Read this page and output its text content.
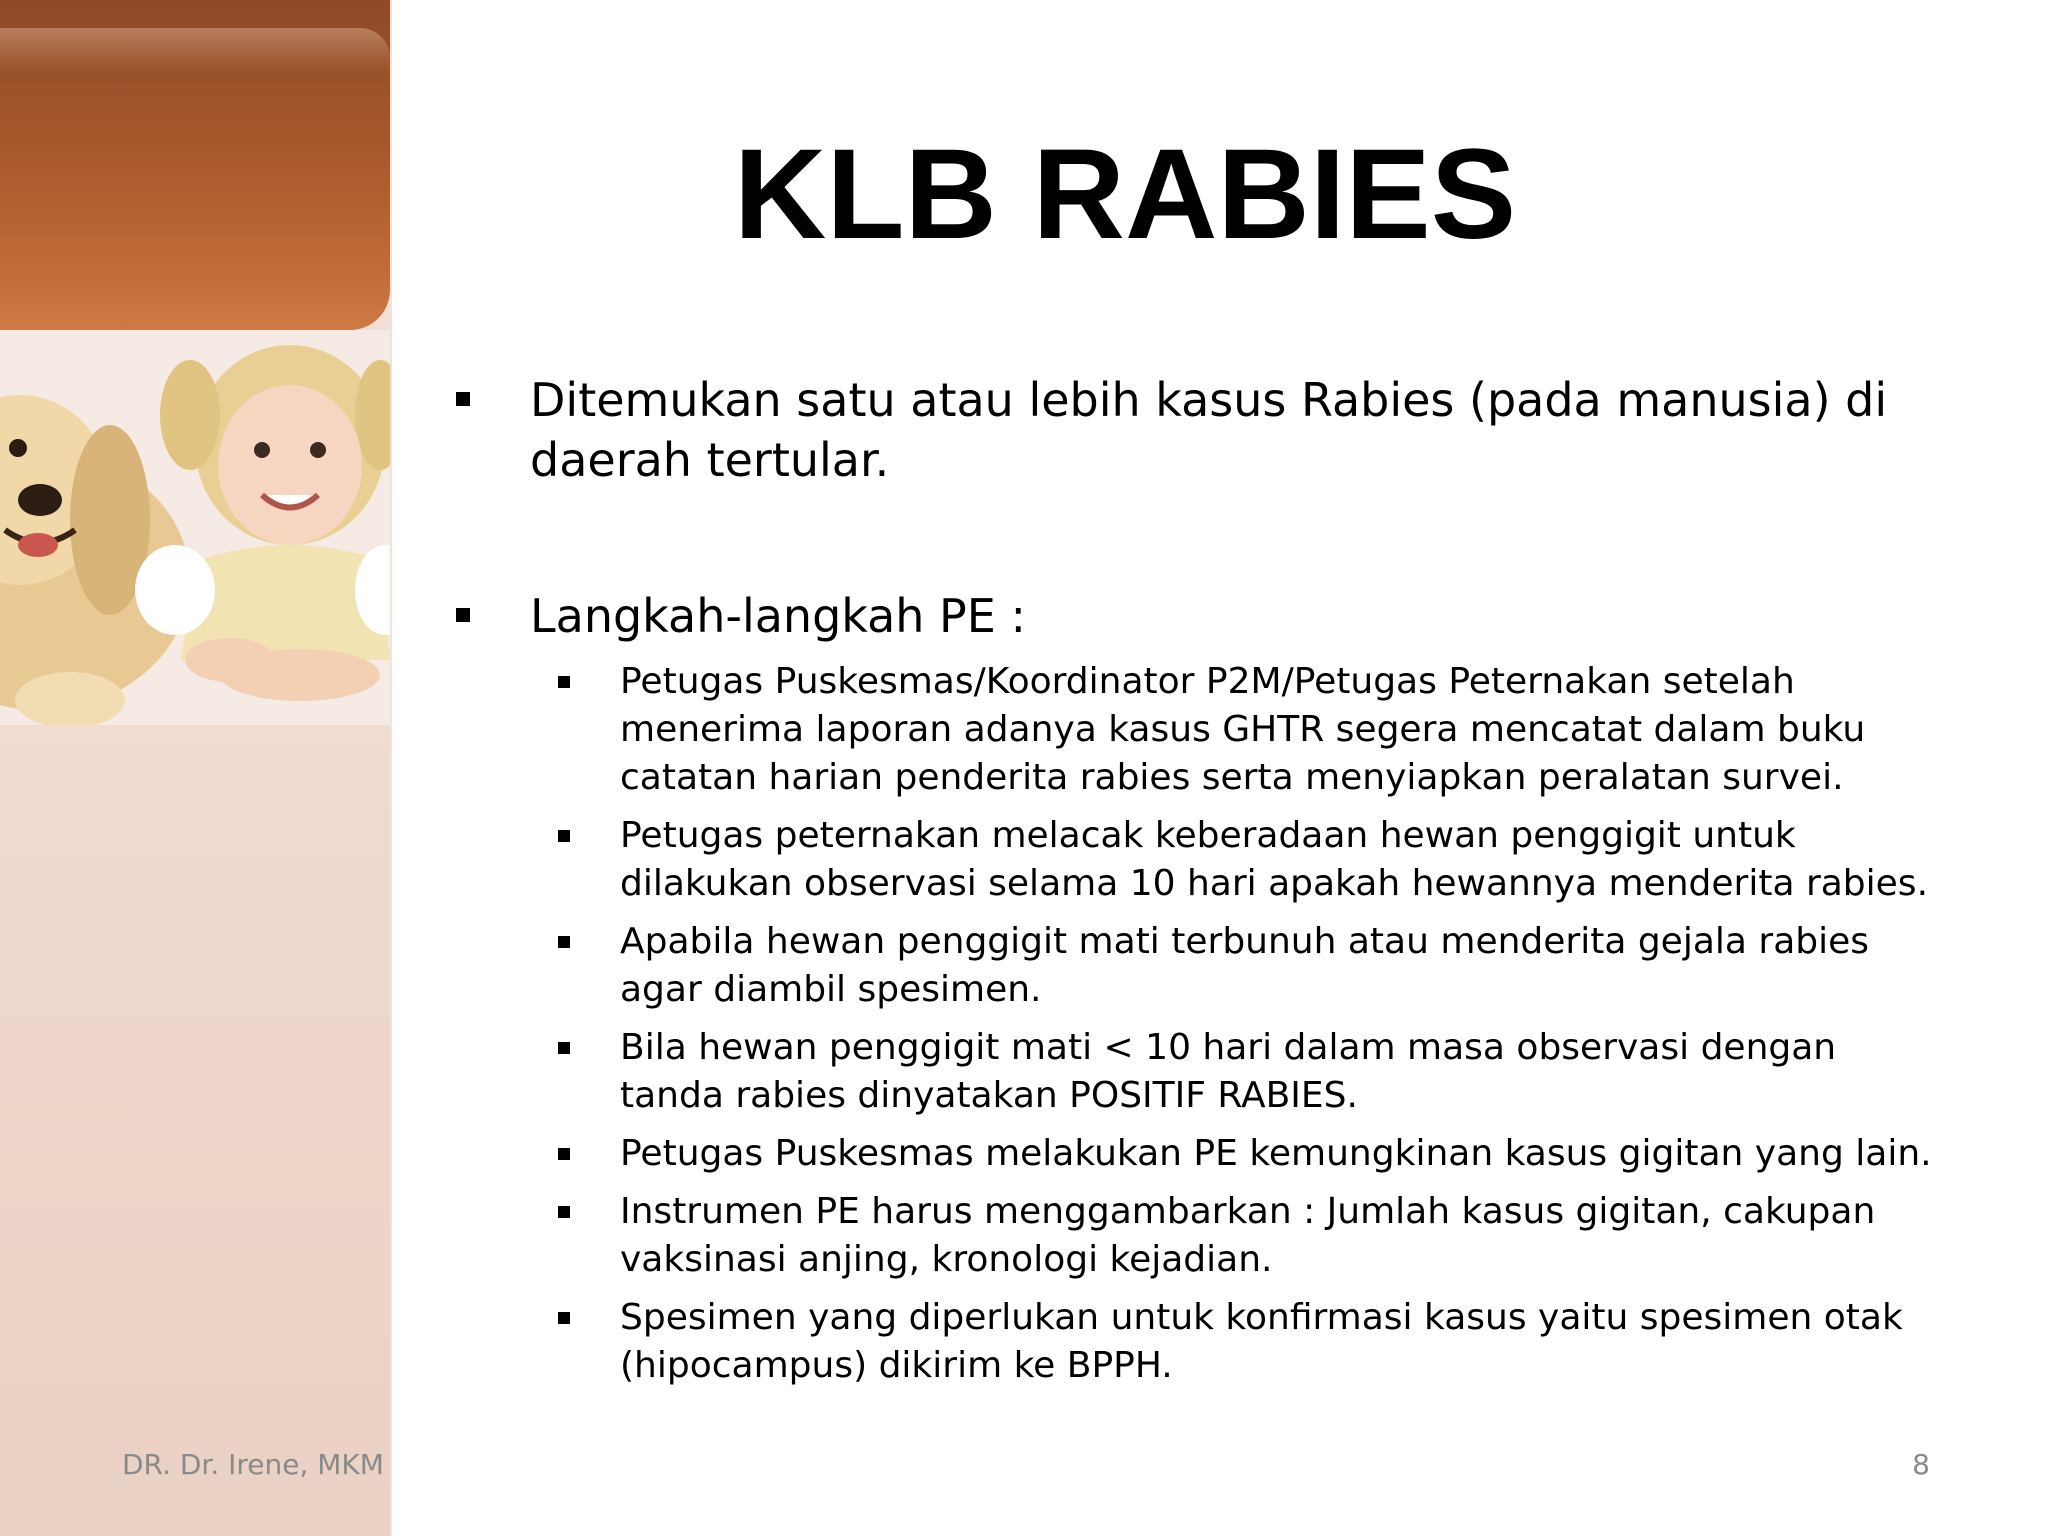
KLB RABIES

Ditemukan satu atau lebih kasus Rabies (pada manusia) di daerah tertular.

Langkah-langkah PE :

Petugas Puskesmas/Koordinator P2M/Petugas Peternakan setelah menerima laporan adanya kasus GHTR segera mencatat dalam buku catatan harian penderita rabies serta menyiapkan peralatan survei.

Petugas peternakan melacak keberadaan hewan penggigit untuk dilakukan observasi selama 10 hari apakah hewannya menderita rabies.

Apabila hewan penggigit mati terbunuh atau menderita gejala rabies agar diambil spesimen.

Bila hewan penggigit mati < 10 hari dalam masa observasi dengan tanda rabies dinyatakan POSITIF RABIES.

Petugas Puskesmas melakukan PE kemungkinan kasus gigitan yang lain.

Instrumen PE harus menggambarkan : Jumlah kasus gigitan, cakupan vaksinasi anjing, kronologi kejadian.

Spesimen yang diperlukan untuk konfirmasi kasus yaitu spesimen otak (hipocampus) dikirim ke BPPH.

DR. Dr. Irene, MKM	8
